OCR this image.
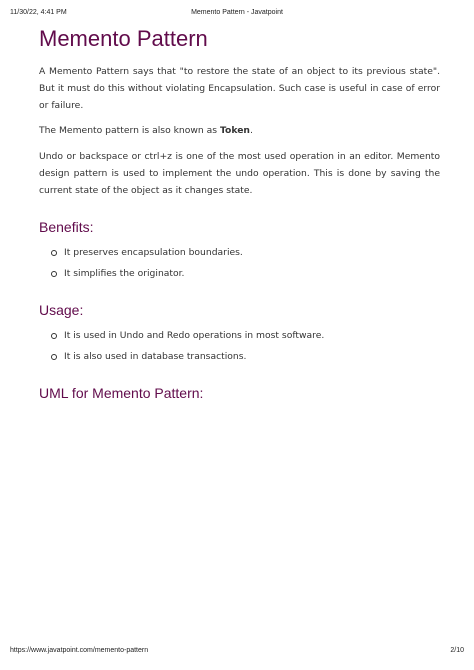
11/30/22, 4:41 PM	Memento Pattern - Javatpoint
Memento Pattern

A Memento Pattern says that "to restore the state of an object to its previous state". But it must do this without violating Encapsulation. Such case is useful in case of error or failure.

The Memento pattern is also known as Token.

Undo or backspace or ctrl+z is one of the most used operation in an editor. Memento design pattern is used to implement the undo operation. This is done by saving the current state of the object as it changes state.

Benefits:
It preserves encapsulation boundaries.
It simplifies the originator.
Usage:
It is used in Undo and Redo operations in most software.
It is also used in database transactions.
UML for Memento Pattern:
https://www.javatpoint.com/memento-pattern	2/10
